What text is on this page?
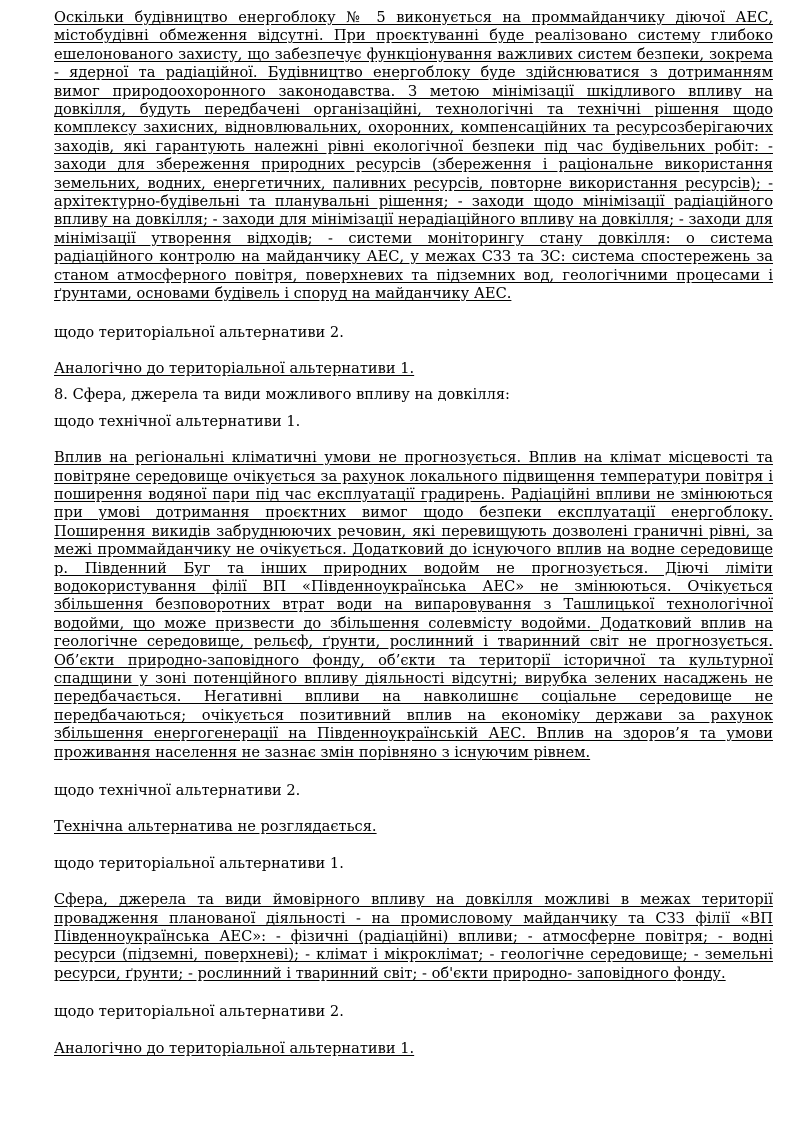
Оскільки будівництво енергоблоку № 5 виконується на проммайданчику діючої АЕС, містобудівні обмеження відсутні. При проєктуванні буде реалізовано систему глибоко ешелонованого захисту, що забезпечує функціонування важливих систем безпеки, зокрема - ядерної та радіаційної. Будівництво енергоблоку буде здійснюватися з дотриманням вимог природоохоронного законодавства. З метою мінімізації шкідливого впливу на довкілля, будуть передбачені організаційні, технологічні та технічні рішення щодо комплексу захисних, відновлювальних, охоронних, компенсаційних та ресурсозберігаючих заходів, які гарантують належні рівні екологічної безпеки під час будівельних робіт: - заходи для збереження природних ресурсів (збереження і раціональне використання земельних, водних, енергетичних, паливних ресурсів, повторне використання ресурсів); - архітектурно-будівельні та планувальні рішення; - заходи щодо мінімізації радіаційного впливу на довкілля; - заходи для мінімізації нерадіаційного впливу на довкілля; - заходи для мінімізації утворення відходів; - системи моніторингу стану довкілля: о система радіаційного контролю на майданчику АЕС, у межах СЗЗ та ЗС: система спостережень за станом атмосферного повітря, поверхневих та підземних вод, геологічними процесами і ґрунтами, основами будівель і споруд на майданчику АЕС.

щодо територіальної альтернативи 2.

Аналогічно до територіальної альтернативи 1.

8. Сфера, джерела та види можливого впливу на довкілля:

щодо технічної альтернативи 1.

Вплив на регіональні кліматичні умови не прогнозується. Вплив на клімат місцевості та повітряне середовище очікується за рахунок локального підвищення температури повітря і поширення водяної пари під час експлуатації градирень. Радіаційні впливи не змінюються при умові дотримання проєктних вимог щодо безпеки експлуатації енергоблоку. Поширення викидів забруднюючих речовин, які перевищують дозволені граничні рівні, за межі проммайданчику не очікується. Додатковий до існуючого вплив на водне середовище р. Південний Буг та інших природних водойм не прогнозується. Діючі ліміти водокористування філії ВП «Південноукраїнська АЕС» не змінюються. Очікується збільшення безповоротних втрат води на випаровування з Ташлицької технологічної водойми, що може призвести до збільшення солевмісту водойми. Додатковий вплив на геологічне середовище, рельєф, ґрунти, рослинний і тваринний світ не прогнозується. Об’єкти природно-заповідного фонду, об’єкти та території історичної та культурної спадщини у зоні потенційного впливу діяльності відсутні; вирубка зелених насаджень не передбачається. Негативні впливи на навколишнє соціальне середовище не передбачаються; очікується позитивний вплив на економіку держави за рахунок збільшення енергогенерації на Південноукраїнській АЕС. Вплив на здоров’я та умови проживання населення не зазнає змін порівняно з існуючим рівнем.

щодо технічної альтернативи 2.

Технічна альтернатива не розглядається.

щодо територіальної альтернативи 1.

Сфера, джерела та види ймовірного впливу на довкілля можливі в межах території провадження планованої діяльності - на промисловому майданчику та СЗЗ філії «ВП Південноукраїнська АЕС»: - фізичні (радіаційні) впливи; - атмосферне повітря; - водні ресурси (підземні, поверхневі); - клімат і мікроклімат; - геологічне середовище; - земельні ресурси, ґрунти; - рослинний і тваринний світ; - об'єкти природно- заповідного фонду.

щодо територіальної альтернативи 2.

Аналогічно до територіальної альтернативи 1.
